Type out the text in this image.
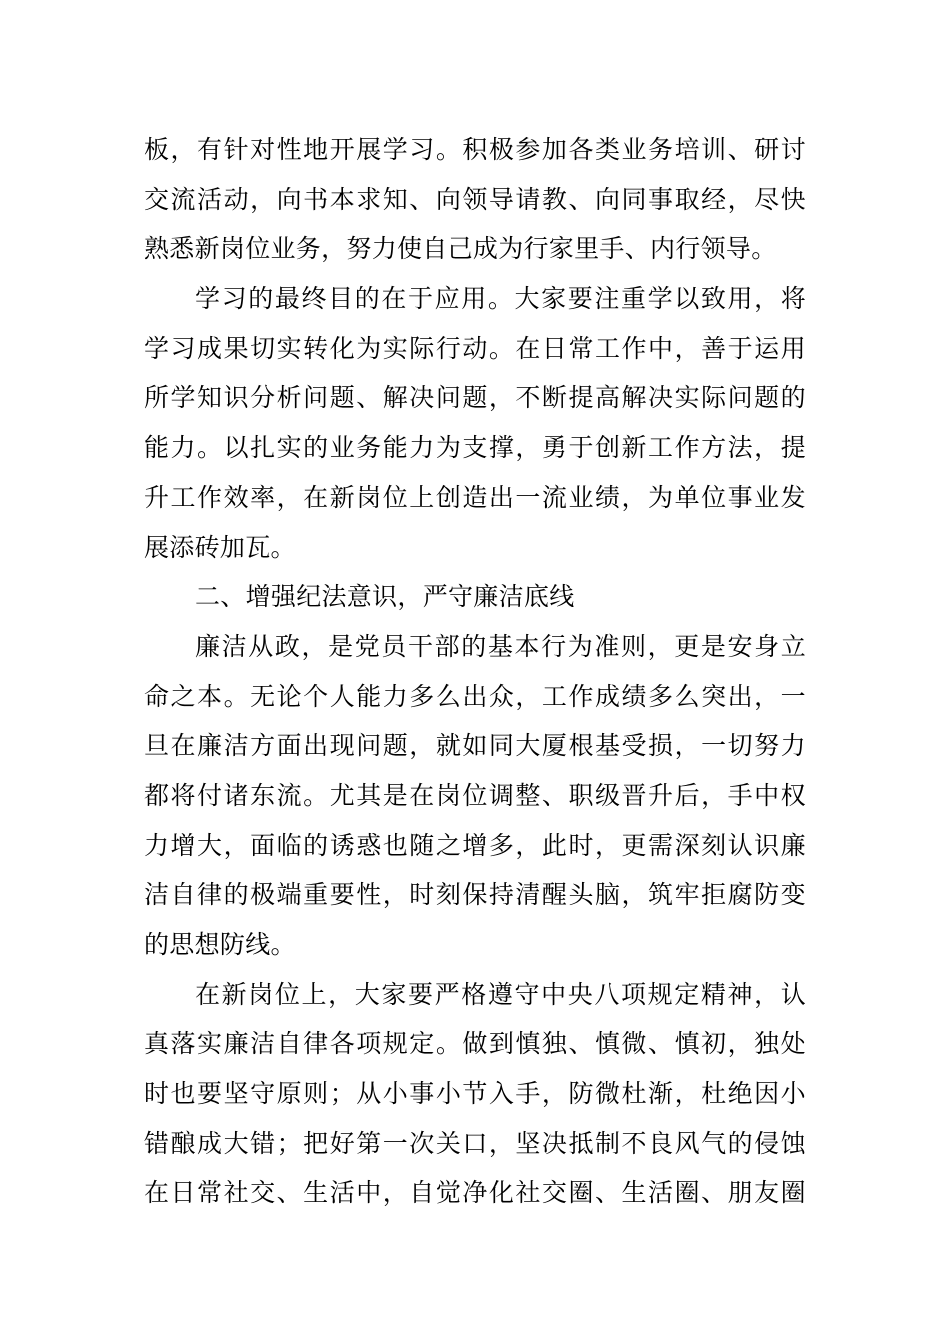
板，有针对性地开展学习。积极参加各类业务培训、研讨
交流活动，向书本求知、向领导请教、向同事取经，尽快
熟悉新岗位业务，努力使自己成为行家里手、内行领导。
学习的最终目的在于应用。大家要注重学以致用，将
学习成果切实转化为实际行动。在日常工作中，善于运用
所学知识分析问题、解决问题，不断提高解决实际问题的
能力。以扎实的业务能力为支撑，勇于创新工作方法，提
升工作效率，在新岗位上创造出一流业绩，为单位事业发
展添砖加瓦。
二、增强纪法意识，严守廉洁底线
廉洁从政，是党员干部的基本行为准则，更是安身立
命之本。无论个人能力多么出众，工作成绩多么突出，一
旦在廉洁方面出现问题，就如同大厦根基受损，一切努力
都将付诸东流。尤其是在岗位调整、职级晋升后，手中权
力增大，面临的诱惑也随之增多，此时，更需深刻认识廉
洁自律的极端重要性，时刻保持清醒头脑，筑牢拒腐防变
的思想防线。
在新岗位上，大家要严格遵守中央八项规定精神，认
真落实廉洁自律各项规定。做到慎独、慎微、慎初，独处
时也要坚守原则；从小事小节入手，防微杜渐，杜绝因小
错酿成大错；把好第一次关口，坚决抵制不良风气的侵蚀
在日常社交、生活中，自觉净化社交圈、生活圈、朋友圈
